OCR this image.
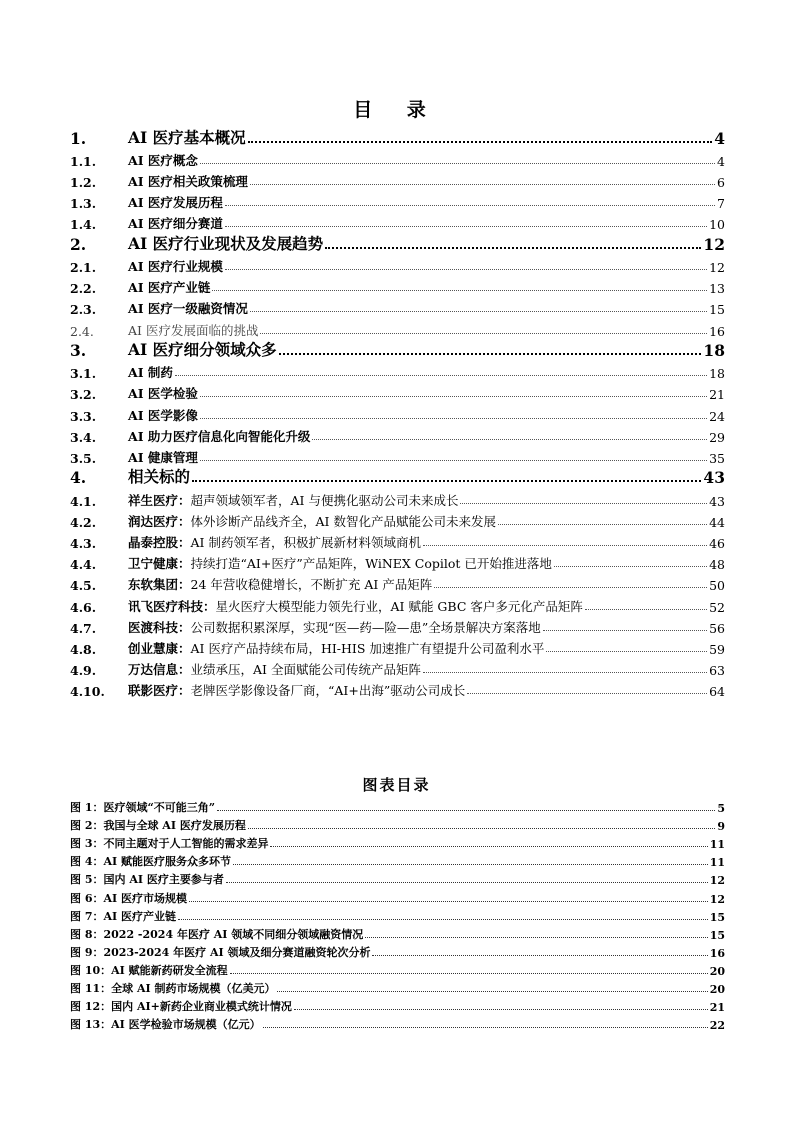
目 录
1.	AI 医疗基本概况	4
1.1.	AI 医疗概念	4
1.2.	AI 医疗相关政策梳理	6
1.3.	AI 医疗发展历程	7
1.4.	AI 医疗细分赛道	10
2.	AI 医疗行业现状及发展趋势	12
2.1.	AI 医疗行业规模	12
2.2.	AI 医疗产业链	13
2.3.	AI 医疗一级融资情况	15
2.4.	AI 医疗发展面临的挑战	16
3.	AI 医疗细分领域众多	18
3.1.	AI 制药	18
3.2.	AI 医学检验	21
3.3.	AI 医学影像	24
3.4.	AI 助力医疗信息化向智能化升级	29
3.5.	AI 健康管理	35
4.	相关标的	43
4.1.	祥生医疗：超声领域领军者，AI 与便携化驱动公司未来成长	43
4.2.	润达医疗：体外诊断产品线齐全，AI 数智化产品赋能公司未来发展	44
4.3.	晶泰控股：AI 制药领军者，积极扩展新材料领域商机	46
4.4.	卫宁健康：持续打造“AI+医疗”产品矩阵，WiNEX Copilot 已开始推进落地	48
4.5.	东软集团：24 年营收稳健增长，不断扩充 AI 产品矩阵	50
4.6.	讯飞医疗科技：星火医疗大模型能力领先行业，AI 赋能 GBC 客户多元化产品矩阵	52
4.7.	医渡科技：公司数据积累深厚，实现“医—药—险—患”全场景解决方案落地	56
4.8.	创业慧康：AI 医疗产品持续布局，HI-HIS 加速推广有望提升公司盈利水平	59
4.9.	万达信息：业绩承压，AI 全面赋能公司传统产品矩阵	63
4.10.	联影医疗：老牌医学影像设备厂商，“AI+出海”驱动公司成长	64
图表目录
图 1：医疗领域“不可能三角”	5
图 2：我国与全球 AI 医疗发展历程	9
图 3：不同主题对于人工智能的需求差异	11
图 4：AI 赋能医疗服务众多环节	11
图 5：国内 AI 医疗主要参与者	12
图 6：AI 医疗市场规模	12
图 7：AI 医疗产业链	15
图 8：2022 -2024 年医疗 AI 领域不同细分领域融资情况	15
图 9：2023-2024 年医疗 AI 领域及细分赛道融资轮次分析	16
图 10：AI 赋能新药研发全流程	20
图 11：全球 AI 制药市场规模（亿美元）	20
图 12：国内 AI+新药企业商业模式统计情况	21
图 13：AI 医学检验市场规模（亿元）	22
